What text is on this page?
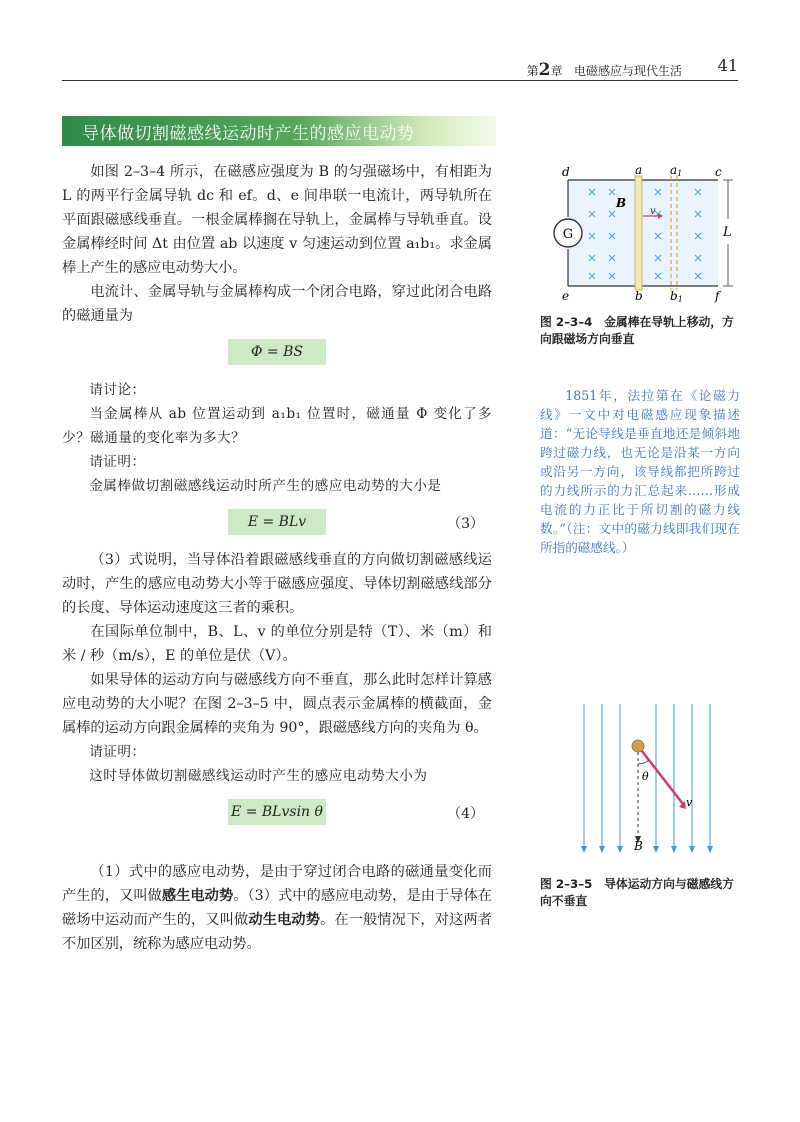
第2章 电磁感应与现代生活 41
导体做切割磁感线运动时产生的感应电动势

如图 2–3–4 所示，在磁感应强度为 B 的匀强磁场中，有相距为 L 的两平行金属导轨 dc 和 ef。d、e 间串联一电流计，两导轨所在平面跟磁感线垂直。一根金属棒搁在导轨上，金属棒与导轨垂直。设金属棒经时间 Δt 由位置 ab 以速度 v 匀速运动到位置 a₁b₁。求金属棒上产生的感应电动势大小。

电流计、金属导轨与金属棒构成一个闭合电路，穿过此闭合电路的磁通量为

Φ = BS

请讨论：

当金属棒从 ab 位置运动到 a₁b₁ 位置时，磁通量 Φ 变化了多少？磁通量的变化率为多大？

请证明：

金属棒做切割磁感线运动时所产生的感应电动势的大小是

E = BLv	（3）

（3）式说明，当导体沿着跟磁感线垂直的方向做切割磁感线运动时，产生的感应电动势大小等于磁感应强度、导体切割磁感线部分的长度、导体运动速度这三者的乘积。

在国际单位制中，B、L、v 的单位分别是特（T）、米（m）和米 / 秒（m/s），E 的单位是伏（V）。

如果导体的运动方向与磁感线方向不垂直，那么此时怎样计算感应电动势的大小呢？在图 2–3–5 中，圆点表示金属棒的横截面，金属棒的运动方向跟金属棒的夹角为 90°，跟磁感线方向的夹角为 θ。

请证明：

这时导体做切割磁感线运动时产生的感应电动势大小为

E = BLvsin θ	（4）

（1）式中的感应电动势，是由于穿过闭合电路的磁通量变化而产生的，又叫做感生电动势。（3）式中的感应电动势，是由于导体在磁场中运动而产生的，又叫做动生电动势。在一般情况下，对这两者不加区别，统称为感应电动势。

G
v
B
d	a a1	c
L
e	b b1	f
图 2–3–4　金属棒在导轨上移动，方向跟磁场方向垂直
1851年，法拉第在《论磁力线》一文中对电磁感应现象描述道：“无论导线是垂直地还是倾斜地跨过磁力线，也无论是沿某一方向或沿另一方向，该导线都把所跨过的力线所示的力汇总起来……形成电流的力正比于所切割的磁力线数。”（注：文中的磁力线即我们现在所指的磁感线。）
θ
v
B
图 2–3–5　导体运动方向与磁感线方向不垂直
